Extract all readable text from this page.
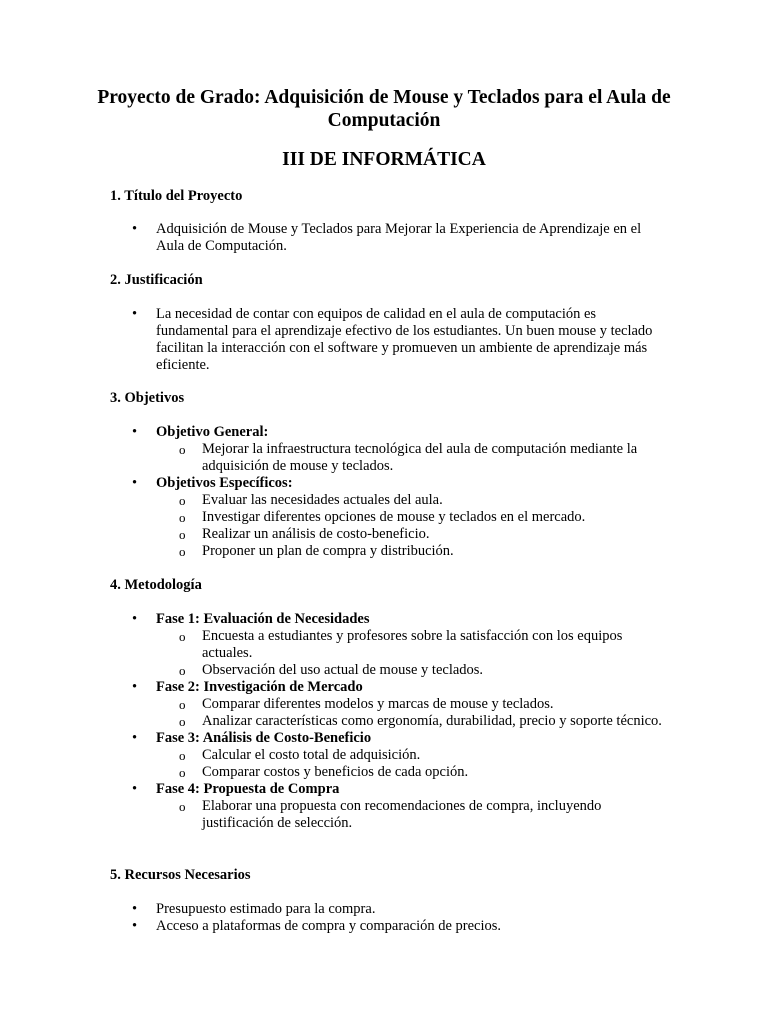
Proyecto de Grado: Adquisición de Mouse y Teclados para el Aula de Computación
III DE INFORMÁTICA
1. Título del Proyecto
• Adquisición de Mouse y Teclados para Mejorar la Experiencia de Aprendizaje en el Aula de Computación.
2. Justificación
• La necesidad de contar con equipos de calidad en el aula de computación es fundamental para el aprendizaje efectivo de los estudiantes. Un buen mouse y teclado facilitan la interacción con el software y promueven un ambiente de aprendizaje más eficiente.
3. Objetivos
• Objetivo General:
o Mejorar la infraestructura tecnológica del aula de computación mediante la adquisición de mouse y teclados.
• Objetivos Específicos:
o Evaluar las necesidades actuales del aula.
o Investigar diferentes opciones de mouse y teclados en el mercado.
o Realizar un análisis de costo-beneficio.
o Proponer un plan de compra y distribución.
4. Metodología
• Fase 1: Evaluación de Necesidades
o Encuesta a estudiantes y profesores sobre la satisfacción con los equipos actuales.
o Observación del uso actual de mouse y teclados.
• Fase 2: Investigación de Mercado
o Comparar diferentes modelos y marcas de mouse y teclados.
o Analizar características como ergonomía, durabilidad, precio y soporte técnico.
• Fase 3: Análisis de Costo-Beneficio
o Calcular el costo total de adquisición.
o Comparar costos y beneficios de cada opción.
• Fase 4: Propuesta de Compra
o Elaborar una propuesta con recomendaciones de compra, incluyendo justificación de selección.
5. Recursos Necesarios
• Presupuesto estimado para la compra.
• Acceso a plataformas de compra y comparación de precios.
